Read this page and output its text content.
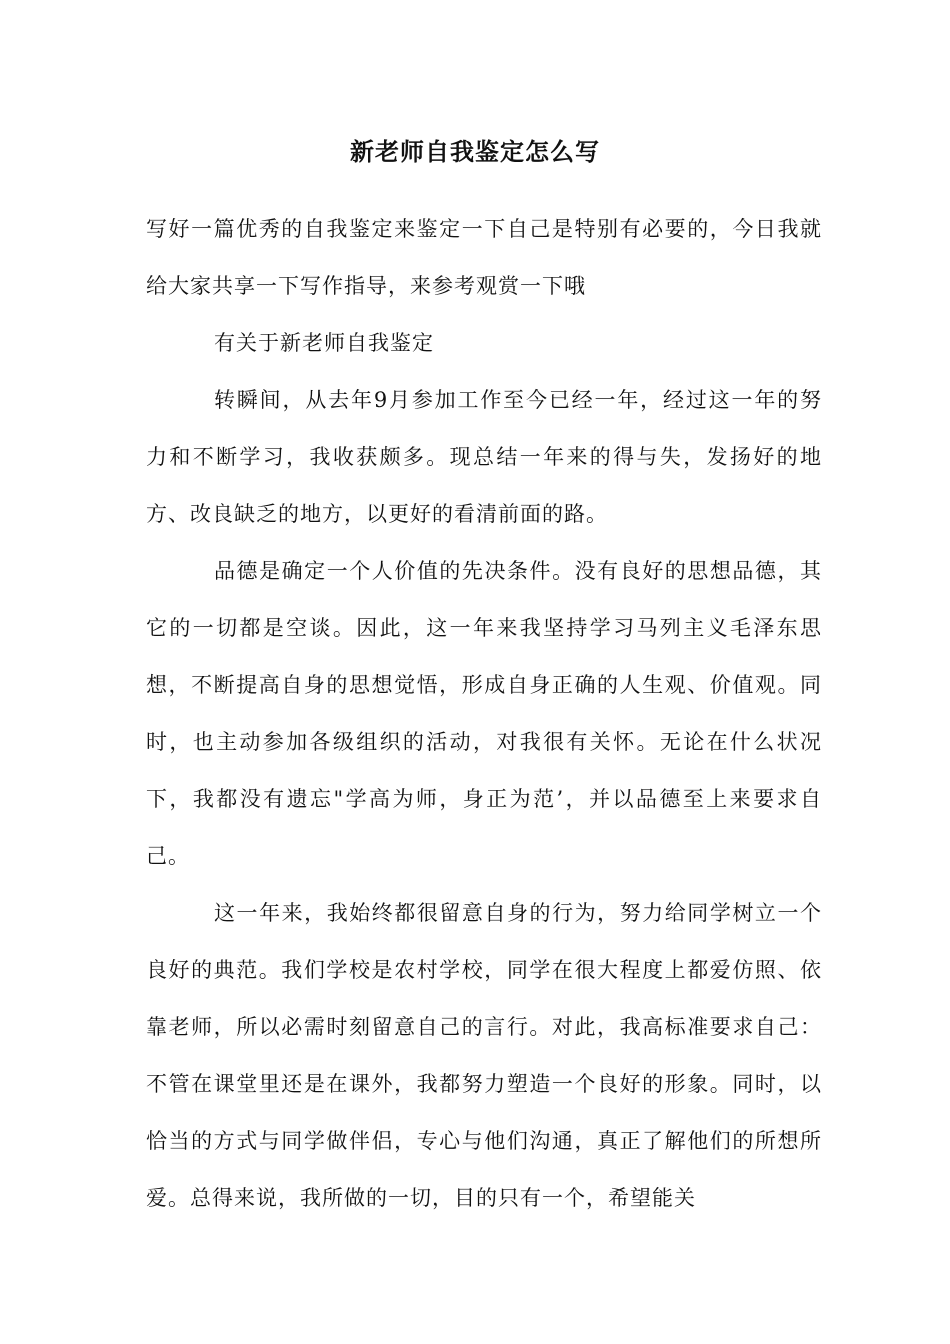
新老师自我鉴定怎么写

写好一篇优秀的自我鉴定来鉴定一下自己是特别有必要的，今日我就给大家共享一下写作指导，来参考观赏一下哦

有关于新老师自我鉴定

转瞬间，从去年9月参加工作至今已经一年，经过这一年的努力和不断学习，我收获颇多。现总结一年来的得与失，发扬好的地方、改良缺乏的地方，以更好的看清前面的路。

品德是确定一个人价值的先决条件。没有良好的思想品德，其它的一切都是空谈。因此，这一年来我坚持学习马列主义毛泽东思想，不断提高自身的思想觉悟，形成自身正确的人生观、价值观。同时，也主动参加各级组织的活动，对我很有关怀。无论在什么状况下，我都没有遗忘"学高为师，身正为范’，并以品德至上来要求自己。

这一年来，我始终都很留意自身的行为，努力给同学树立一个良好的典范。我们学校是农村学校，同学在很大程度上都爱仿照、依靠老师，所以必需时刻留意自己的言行。对此，我高标准要求自己：不管在课堂里还是在课外，我都努力塑造一个良好的形象。同时，以恰当的方式与同学做伴侣，专心与他们沟通，真正了解他们的所想所爱。总得来说，我所做的一切，目的只有一个，希望能关
